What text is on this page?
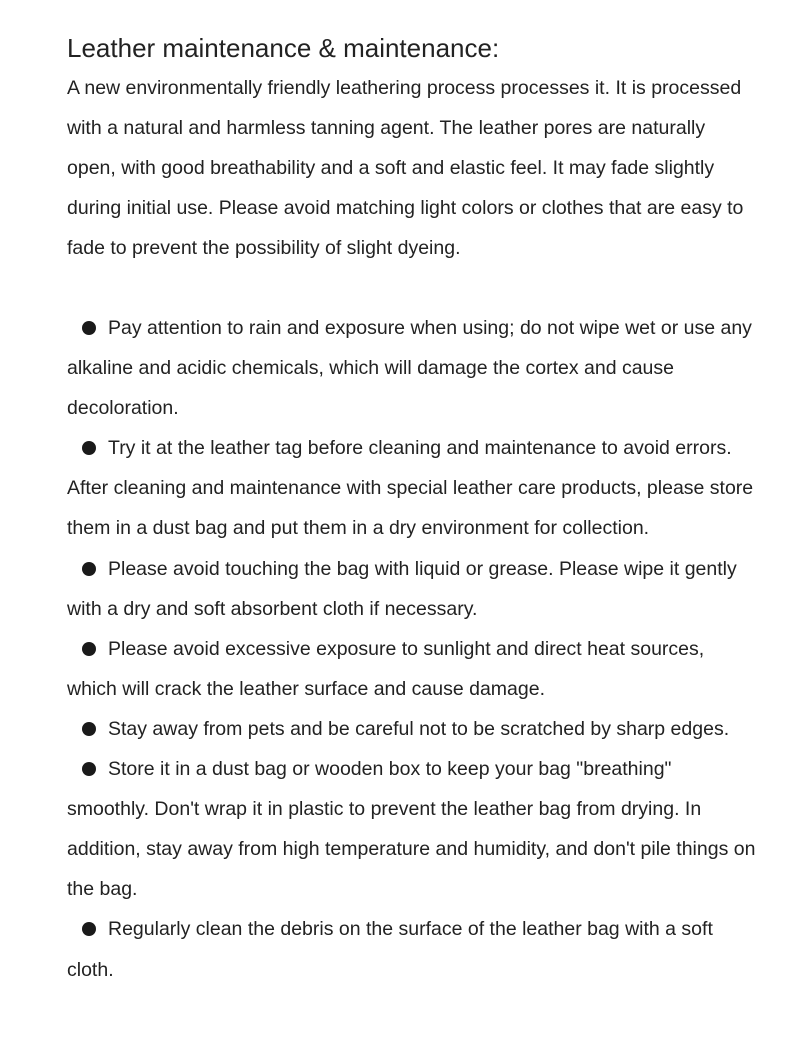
Leather maintenance & maintenance:

A new environmentally friendly leathering process processes it. It is processed with a natural and harmless tanning agent. The leather pores are naturally open, with good breathability and a soft and elastic feel. It may fade slightly during initial use. Please avoid matching light colors or clothes that are easy to fade to prevent the possibility of slight dyeing.

Pay attention to rain and exposure when using; do not wipe wet or use any alkaline and acidic chemicals, which will damage the cortex and cause decoloration.
Try it at the leather tag before cleaning and maintenance to avoid errors. After cleaning and maintenance with special leather care products, please store them in a dust bag and put them in a dry environment for collection.
Please avoid touching the bag with liquid or grease. Please wipe it gently with a dry and soft absorbent cloth if necessary.
Please avoid excessive exposure to sunlight and direct heat sources, which will crack the leather surface and cause damage.
Stay away from pets and be careful not to be scratched by sharp edges.
Store it in a dust bag or wooden box to keep your bag "breathing" smoothly. Don't wrap it in plastic to prevent the leather bag from drying. In addition, stay away from high temperature and humidity, and don't pile things on the bag.
Regularly clean the debris on the surface of the leather bag with a soft cloth.
